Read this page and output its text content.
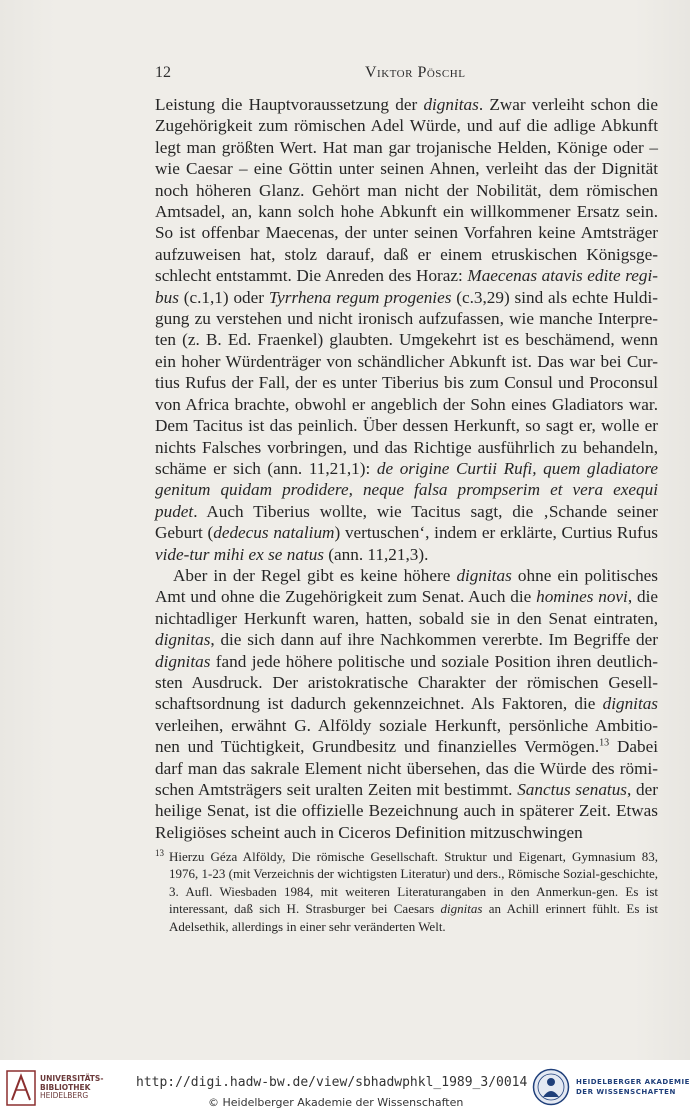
12	Viktor Pöschl

Leistung die Hauptvoraussetzung der dignitas. Zwar verleiht schon die Zugehörigkeit zum römischen Adel Würde, und auf die adlige Abkunft legt man größten Wert. Hat man gar trojanische Helden, Könige oder – wie Caesar – eine Göttin unter seinen Ahnen, verleiht das der Dignität noch höheren Glanz. Gehört man nicht der Nobilität, dem römischen Amtsadel, an, kann solch hohe Abkunft ein willkommener Ersatz sein. So ist offenbar Maecenas, der unter seinen Vorfahren keine Amtsträger aufzuweisen hat, stolz darauf, daß er einem etruskischen Königsge-schlecht entstammt. Die Anreden des Horaz: Maecenas atavis edite regi-bus (c.1,1) oder Tyrrhena regum progenies (c.3,29) sind als echte Huldi-gung zu verstehen und nicht ironisch aufzufassen, wie manche Interpre-ten (z. B. Ed. Fraenkel) glaubten. Umgekehrt ist es beschämend, wenn ein hoher Würdenträger von schändlicher Abkunft ist. Das war bei Cur-tius Rufus der Fall, der es unter Tiberius bis zum Consul und Proconsul von Africa brachte, obwohl er angeblich der Sohn eines Gladiators war. Dem Tacitus ist das peinlich. Über dessen Herkunft, so sagt er, wolle er nichts Falsches vorbringen, und das Richtige ausführlich zu behandeln, schäme er sich (ann. 11,21,1): de origine Curtii Rufi, quem gladiatore genitum quidam prodidere, neque falsa prompserim et vera exequi pudet. Auch Tiberius wollte, wie Tacitus sagt, die ‚Schande seiner Geburt (dedecus natalium) vertuschen‘, indem er erklärte, Curtius Rufus vide-tur mihi ex se natus (ann. 11,21,3).

Aber in der Regel gibt es keine höhere dignitas ohne ein politisches Amt und ohne die Zugehörigkeit zum Senat. Auch die homines novi, die nichtadliger Herkunft waren, hatten, sobald sie in den Senat eintraten, dignitas, die sich dann auf ihre Nachkommen vererbte. Im Begriffe der dignitas fand jede höhere politische und soziale Position ihren deutlich-sten Ausdruck. Der aristokratische Charakter der römischen Gesell-schaftsordnung ist dadurch gekennzeichnet. Als Faktoren, die dignitas verleihen, erwähnt G. Alföldy soziale Herkunft, persönliche Ambitio-nen und Tüchtigkeit, Grundbesitz und finanzielles Vermögen.$^{13}$ Dabei darf man das sakrale Element nicht übersehen, das die Würde des römi-schen Amtsträgers seit uralten Zeiten mit bestimmt. Sanctus senatus, der heilige Senat, ist die offizielle Bezeichnung auch in späterer Zeit. Etwas Religiöses scheint auch in Ciceros Definition mitzuschwingen

13 Hierzu Géza Alföldy, Die römische Gesellschaft. Struktur und Eigenart, Gymnasium 83, 1976, 1-23 (mit Verzeichnis der wichtigsten Literatur) und ders., Römische Sozial-geschichte, 3. Aufl. Wiesbaden 1984, mit weiteren Literaturangaben in den Anmerkun-gen. Es ist interessant, daß sich H. Strasburger bei Caesars dignitas an Achill erinnert fühlt. Es ist Adelsethik, allerdings in einer sehr veränderten Welt.
UNIVERSITÄTS-
BIBLIOTHEK
HEIDELBERG
http://digi.hadw-bw.de/view/sbhadwphkl_1989_3/0014
© Heidelberger Akademie der Wissenschaften
HEIDELBERGER AKADEMIE
DER WISSENSCHAFTEN
